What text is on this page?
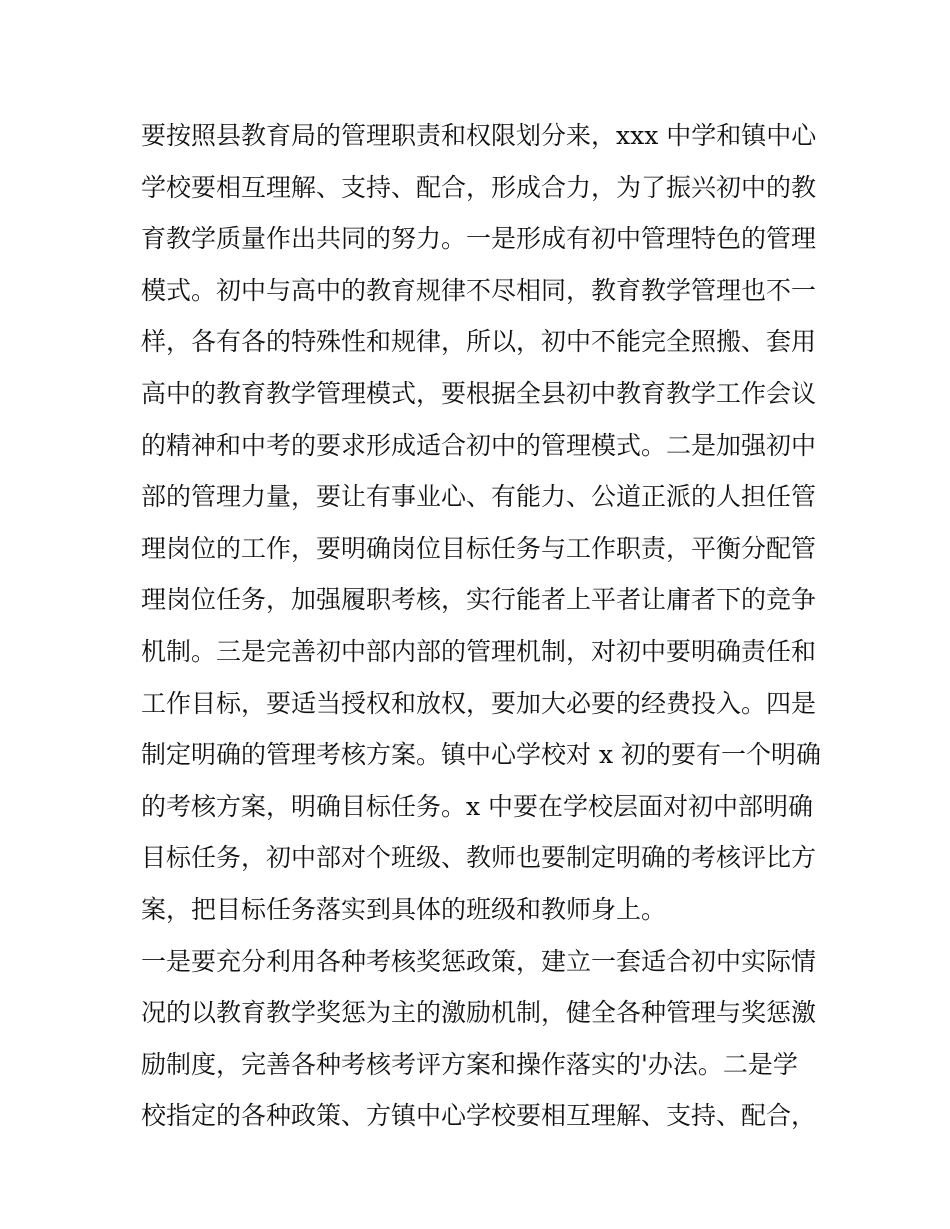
要按照县教育局的管理职责和权限划分来，xxx 中学和镇中心
学校要相互理解、支持、配合，形成合力，为了振兴初中的教
育教学质量作出共同的努力。一是形成有初中管理特色的管理
模式。初中与高中的教育规律不尽相同，教育教学管理也不一
样，各有各的特殊性和规律，所以，初中不能完全照搬、套用
高中的教育教学管理模式，要根据全县初中教育教学工作会议
的精神和中考的要求形成适合初中的管理模式。二是加强初中
部的管理力量，要让有事业心、有能力、公道正派的人担任管
理岗位的工作，要明确岗位目标任务与工作职责，平衡分配管
理岗位任务，加强履职考核，实行能者上平者让庸者下的竞争
机制。三是完善初中部内部的管理机制，对初中要明确责任和
工作目标，要适当授权和放权，要加大必要的经费投入。四是
制定明确的管理考核方案。镇中心学校对 x 初的要有一个明确
的考核方案，明确目标任务。x 中要在学校层面对初中部明确
目标任务，初中部对个班级、教师也要制定明确的考核评比方
案，把目标任务落实到具体的班级和教师身上。
一是要充分利用各种考核奖惩政策，建立一套适合初中实际情
况的以教育教学奖惩为主的激励机制，健全各种管理与奖惩激
励制度，完善各种考核考评方案和操作落实的'办法。二是学
校指定的各种政策、方镇中心学校要相互理解、支持、配合，
